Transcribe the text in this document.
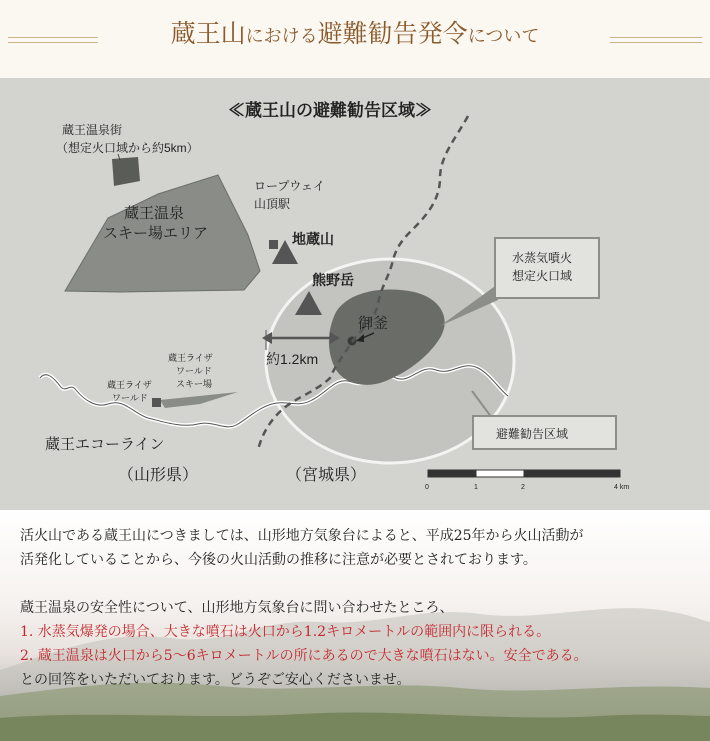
蔵王山における避難勧告発令について
≪蔵王山の避難勧告区域≫
蔵王温泉街
（想定火口域から約5km）
蔵王温泉
スキー場エリア
ロープウェイ
山頂駅
地蔵山
熊野岳
御釜
約1.2km
水蒸気噴火
想定火口域
蔵王ライザ
ワールド
スキー場
蔵王ライザ
ワールド
蔵王エコーライン
避難勧告区域
（山形県）	（宮城県）
0	1	2	4 km

活火山である蔵王山につきましては、山形地方気象台によると、平成25年から火山活動が

活発化していることから、今後の火山活動の推移に注意が必要とされております。

蔵王温泉の安全性について、山形地方気象台に問い合わせたところ、

1. 水蒸気爆発の場合、大きな噴石は火口から1.2キロメートルの範囲内に限られる。

2. 蔵王温泉は火口から5～6キロメートルの所にあるので大きな噴石はない。安全である。

との回答をいただいております。どうぞご安心くださいませ。
